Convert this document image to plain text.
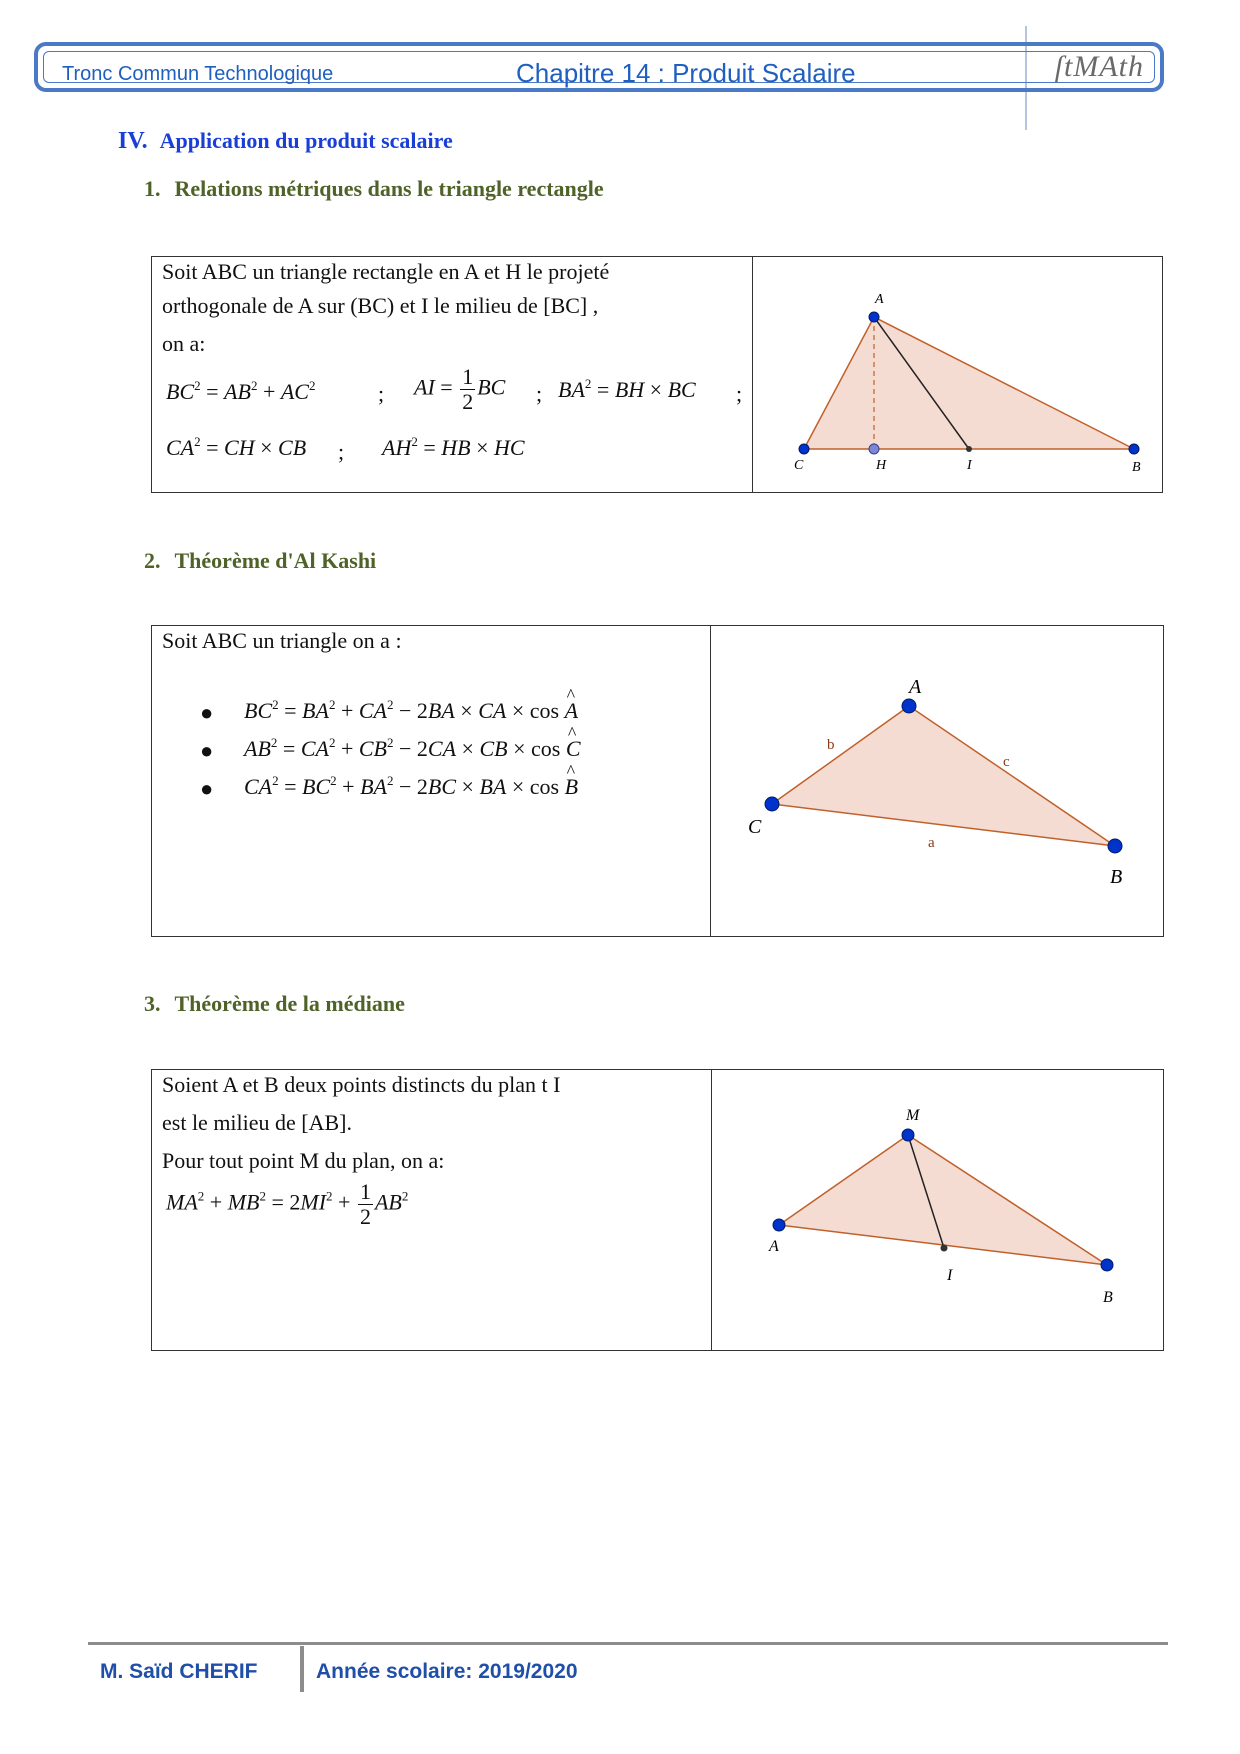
Tronc Commun Technologique	Chapitre 14 : Produit Scalaire	ſtMAth
IV. Application du produit scalaire
1. Relations métriques dans le triangle rectangle
Soit ABC un triangle rectangle en A et H le projeté
orthogonale de A sur (BC) et I le milieu de [BC] ,
on a:
$BC^2 = AB^2 + AC^2$	; AI = $\frac{1}{2}$ BC ; $BA^2$ = BH × BC ;
$CA^2$ = CH × CB ; $AH^2$ = HB × HC
A
C	H	I	B
2. Théorème d'Al Kashi
Soit ABC un triangle on a :
● $BC^2 = BA^2 + CA^2 - 2BA$ × CA × cos ^ A
● $AB^2 = CA^2 + CB^2 - 2CA$ × CB × cos ^ C
● $CA^2 = BC^2 + BA^2 - 2BC$ × BA × cos ^ B
A
C
B
b
c
a
3. Théorème de la médiane
Soient A et B deux points distincts du plan t I
est le milieu de [AB].
Pour tout point M du plan, on a:
$MA^2 + MB^2 = 2MI^2 + \frac{1}{2} AB^2$
M
A
I
B
M. Saïd CHERIF	Année scolaire: 2019/2020
